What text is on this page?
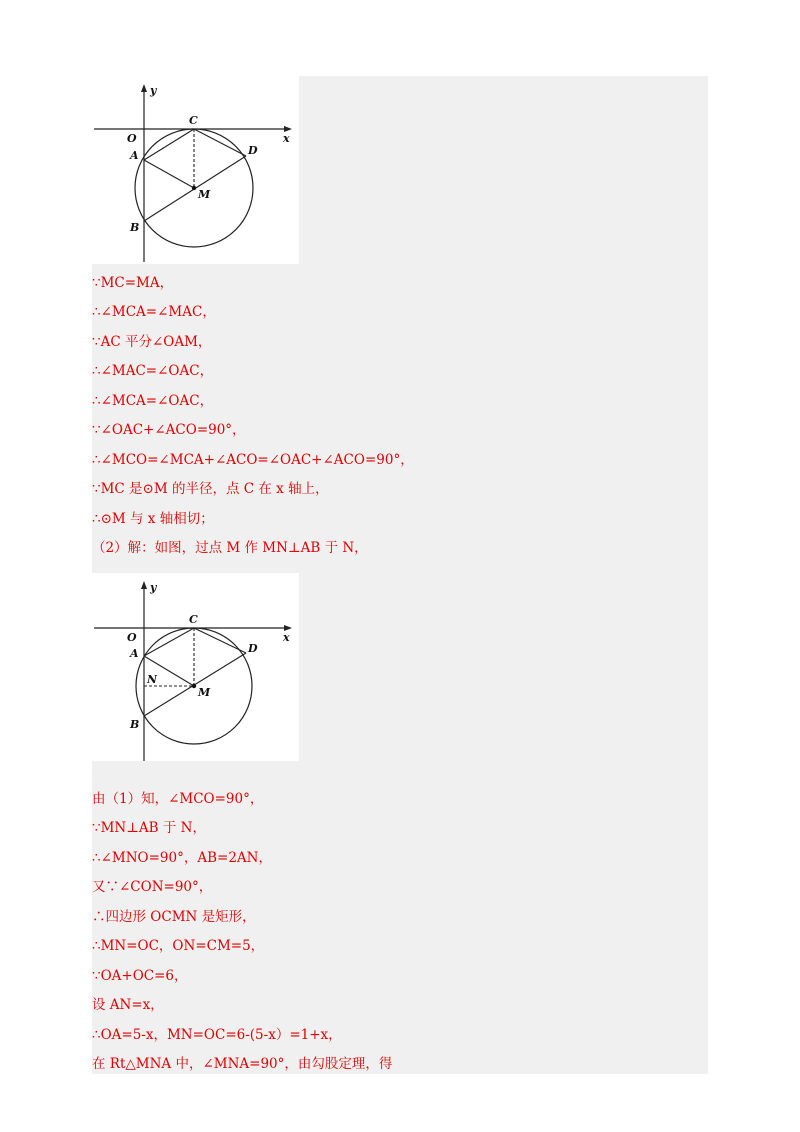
y
x
O
C
A	D
M
B
∵MC=MA，
∴∠MCA=∠MAC，
∵AC 平分∠OAM，
∴∠MAC=∠OAC，
∴∠MCA=∠OAC，
∵∠OAC+∠ACO=90°，
∴∠MCO=∠MCA+∠ACO=∠OAC+∠ACO=90°，
∵MC 是⊙M 的半径，点 C 在 x 轴上，
∴⊙M 与 x 轴相切；
（2）解：如图，过点 M 作 MN⊥AB 于 N，
y
x
O
C
A	D
N
M
B
由（1）知，∠MCO=90°，
∵MN⊥AB 于 N，
∴∠MNO=90°，AB=2AN，
又∵∠CON=90°，
∴四边形 OCMN 是矩形，
∴MN=OC，ON=CM=5，
∵OA+OC=6，
设 AN=x，
∴OA=5-x，MN=OC=6-(5-x）=1+x，
在 Rt△MNA 中，∠MNA=90°，由勾股定理，得
